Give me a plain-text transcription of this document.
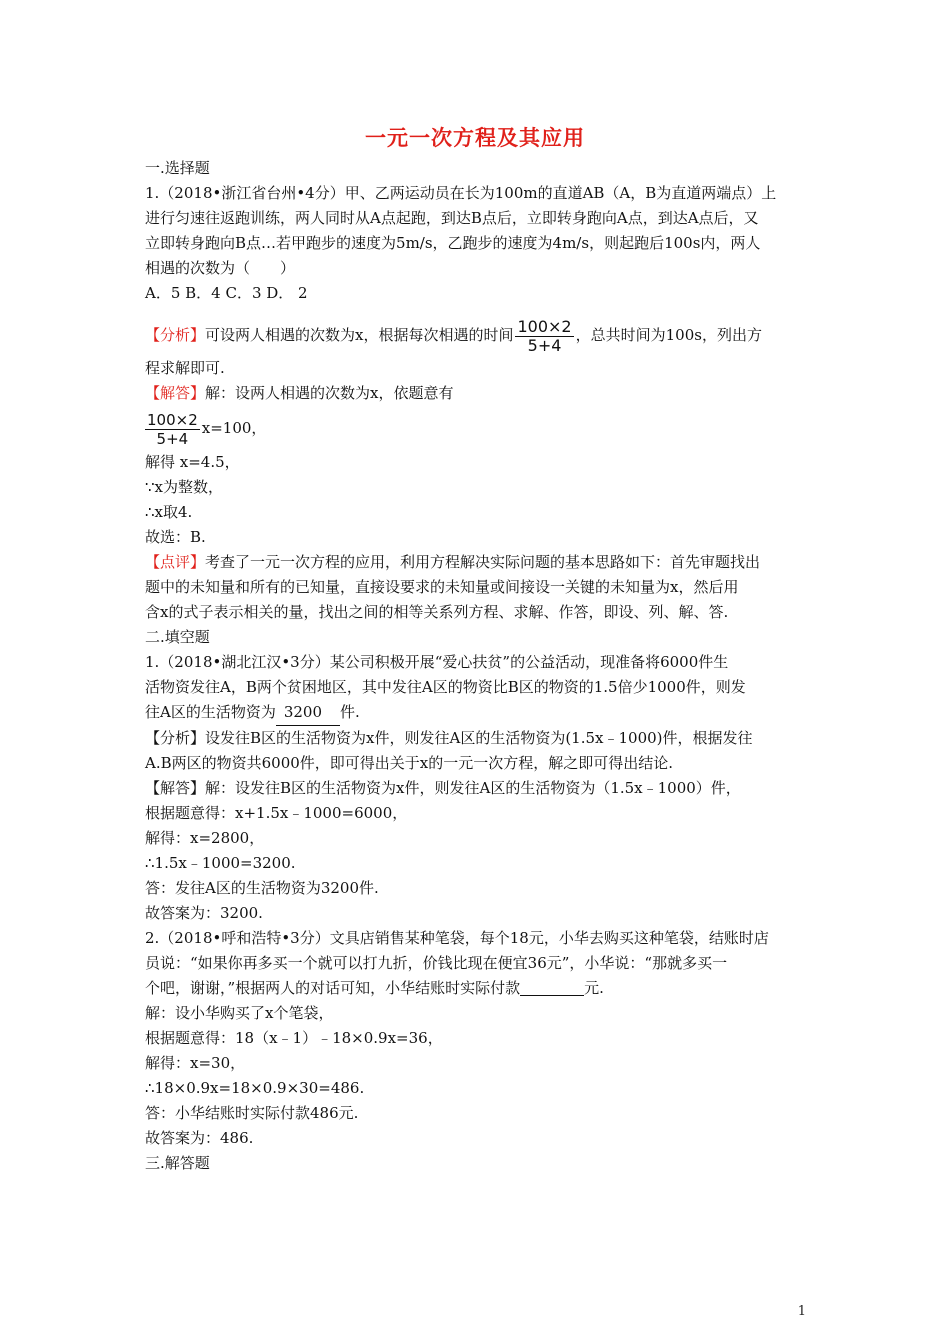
一元一次方程及其应用
一.选择题
1.（2018•浙江省台州•4分）甲、乙两运动员在长为100m的直道AB（A，B为直道两端点）上
进行匀速往返跑训练，两人同时从A点起跑，到达B点后，立即转身跑向A点，到达A点后，又
立即转身跑向B点…若甲跑步的速度为5m/s，乙跑步的速度为4m/s，则起跑后100s内，两人
相遇的次数为（　　）
A．5 B．4 C．3 D． 2
【分析】可设两人相遇的次数为x，根据每次相遇的时间 $\frac{100\times 2}{5+4}$ ，总共时间为100s，列出方
程求解即可.
【解答】解：设两人相遇的次数为x，依题意有
$\frac{100\times 2}{5+4} x=100$，
解得 x=4.5，
∵x为整数，
∴x取4.
故选：B.
【点评】考查了一元一次方程的应用，利用方程解决实际问题的基本思路如下：首先审题找出
题中的未知量和所有的已知量，直接设要求的未知量或间接设一关键的未知量为x，然后用
含x的式子表示相关的量，找出之间的相等关系列方程、求解、作答，即设、列、解、答.
二.填空题
1.（2018•湖北江汉•3分）某公司积极开展“爱心扶贫”的公益活动，现准备将6000件生
活物资发往A，B两个贫困地区，其中发往A区的物资比B区的物资的1.5倍少1000件，则发
往A区的生活物资为 3200 件.
【分析】设发往B区的生活物资为x件，则发往A区的生活物资为(1.5x﹣1000)件，根据发往
A.B两区的物资共6000件，即可得出关于x的一元一次方程，解之即可得出结论.
【解答】解：设发往B区的生活物资为x件，则发往A区的生活物资为（1.5x﹣1000）件，
根据题意得：x+1.5x﹣1000=6000，
解得：x=2800，
∴1.5x﹣1000=3200.
答：发往A区的生活物资为3200件.
故答案为：3200.
2.（2018•呼和浩特•3分）文具店销售某种笔袋，每个18元，小华去购买这种笔袋，结账时店
员说：“如果你再多买一个就可以打九折，价钱比现在便宜36元”，小华说：“那就多买一
个吧，谢谢，”根据两人的对话可知，小华结账时实际付款	元.
解：设小华购买了x个笔袋，
根据题意得：18（x﹣1）﹣18×0.9x=36，
解得：x=30，
∴18×0.9x=18×0.9×30=486.
答：小华结账时实际付款486元.
故答案为：486.
三.解答题
1
